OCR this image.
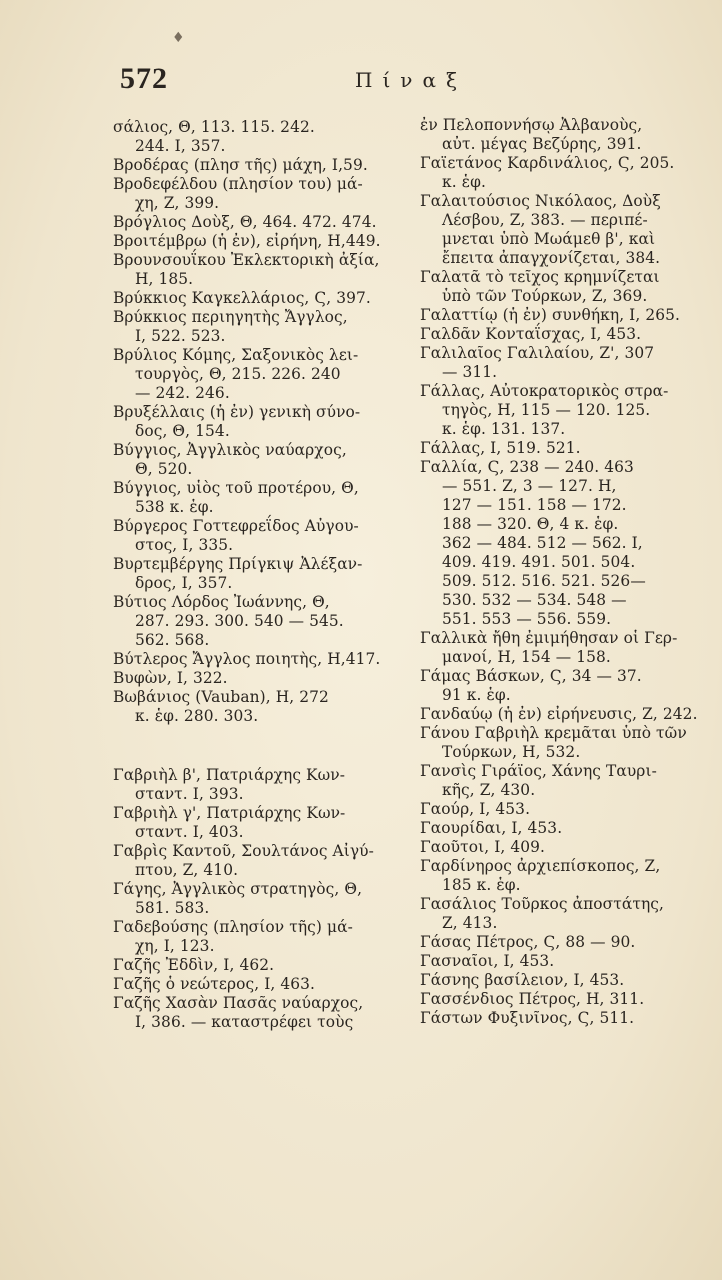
♦
572	Πίναξ
σάλιος, Θ, 113. 115. 242.
244. Ι, 357.
Βροδέρας (πλησ τῆς) μάχη, Ι,59.
Βροδεφέλδου (πλησίον του) μά-
χη, Ζ, 399.
Βρόγλιος Δοὺξ, Θ, 464. 472. 474.
Βροιτέμβρω (ἡ ἐν), εἰρήνη, Η,449.
Βρουνσουΐκου Ἐκλεκτορικὴ ἀξία,
Η, 185.
Βρύκκιος Καγκελλάριος, Ϛ, 397.
Βρύκκιος περιηγητὴς Ἄγγλος,
Ι, 522. 523.
Βρύλιος Κόμης, Σαξονικὸς λει-
τουργὸς, Θ, 215. 226. 240
— 242. 246.
Βρυξέλλαις (ἡ ἐν) γενικὴ σύνο-
δος, Θ, 154.
Βύγγιος, Ἀγγλικὸς ναύαρχος,
Θ, 520.
Βύγγιος, υἱὸς τοῦ προτέρου, Θ,
538 κ. ἑφ.
Βύργερος Γοττεφρεΐδος Αὐγου-
στος, Ι, 335.
Βυρτεμβέργης Πρίγκιψ Ἀλέξαν-
δρος, Ι, 357.
Βύτιος Λόρδος Ἰωάννης, Θ,
287. 293. 300. 540 — 545.
562. 568.
Βύτλερος Ἄγγλος ποιητὴς, Η,417.
Βυφὼν, Ι, 322.
Βωβάνιος (Vauban), Η, 272
κ. ἑφ. 280. 303.
Γαβριὴλ β', Πατριάρχης Κων-
σταντ. Ι, 393.
Γαβριὴλ γ', Πατριάρχης Κων-
σταντ. Ι, 403.
Γαβρὶς Καντοῦ, Σουλτάνος Αἰγύ-
πτου, Ζ, 410.
Γάγης, Ἀγγλικὸς στρατηγὸς, Θ,
581. 583.
Γαδεβούσης (πλησίον τῆς) μά-
χη, Ι, 123.
Γαζῆς Ἐδδὶν, Ι, 462.
Γαζῆς ὁ νεώτερος, Ι, 463.
Γαζῆς Χασὰν Πασᾶς ναύαρχος,
Ι, 386. — καταστρέφει τοὺς
ἐν Πελοποννήσῳ Ἀλβανοὺς,
αὐτ. μέγας Βεζύρης, 391.
Γαϊετάνος Καρδινάλιος, Ϛ, 205.
κ. ἑφ.
Γαλαιτούσιος Νικόλαος, Δοὺξ
Λέσβου, Ζ, 383. — περιπέ-
μνεται ὑπὸ Μωάμεθ β', καὶ
ἔπειτα ἀπαγχονίζεται, 384.
Γαλατᾶ τὸ τεῖχος κρημνίζεται
ὑπὸ τῶν Τούρκων, Ζ, 369.
Γαλαττίῳ (ἡ ἐν) συνθήκη, Ι, 265.
Γαλδᾶν Κονταΐσχας, Ι, 453.
Γαλιλαῖος Γαλιλαίου, Ζ', 307
— 311.
Γάλλας, Αὐτοκρατορικὸς στρα-
τηγὸς, Η, 115 — 120. 125.
κ. ἑφ. 131. 137.
Γάλλας, Ι, 519. 521.
Γαλλία, Ϛ, 238 — 240. 463
— 551. Ζ, 3 — 127. Η,
127 — 151. 158 — 172.
188 — 320. Θ, 4 κ. ἑφ.
362 — 484. 512 — 562. Ι,
409. 419. 491. 501. 504.
509. 512. 516. 521. 526—
530. 532 — 534. 548 —
551. 553 — 556. 559.
Γαλλικὰ ἤθη ἐμιμήθησαν οἱ Γερ-
μανοί, Η, 154 — 158.
Γάμας Βάσκων, Ϛ, 34 — 37.
91 κ. ἑφ.
Γανδαύῳ (ἡ ἐν) εἰρήνευσις, Ζ, 242.
Γάνου Γαβριὴλ κρεμᾶται ὑπὸ τῶν
Τούρκων, Η, 532.
Γανσὶς Γιράϊος, Χάνης Ταυρι-
κῆς, Ζ, 430.
Γαούρ, Ι, 453.
Γαουρίδαι, Ι, 453.
Γαοῦτοι, Ι, 409.
Γαρδίνηρος ἀρχιεπίσκοπος, Ζ,
185 κ. ἑφ.
Γασάλιος Τοῦρκος ἀποστάτης,
Ζ, 413.
Γάσας Πέτρος, Ϛ, 88 — 90.
Γασναῖοι, Ι, 453.
Γάσνης βασίλειον, Ι, 453.
Γασσένδιος Πέτρος, Η, 311.
Γάστων Φυξινῖνος, Ϛ, 511.
